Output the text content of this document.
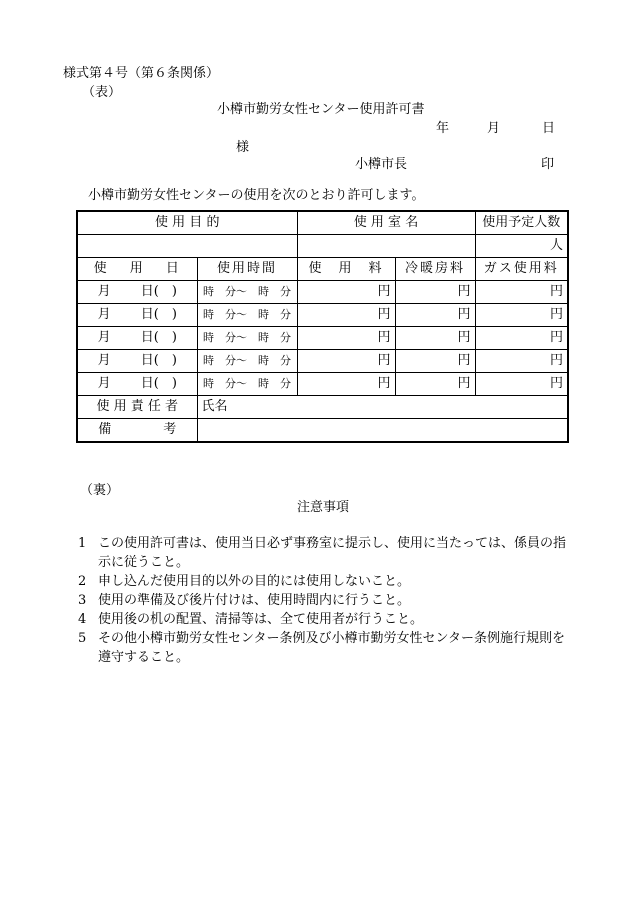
様式第４号（第６条関係）
（表）
小樽市勤労女性センター使用許可書
年	月	日
様
小樽市長	印
小樽市勤労女性センターの使用を次のとおり許可します。
使 用 目 的		使 用 室 名		使用予定人数
				人
使　 用　 日	使用時間	使　用　料	冷暖房料	ガス使用料
月　　 日(　)	時　分～　時　分	円	円	円
月　　 日(　)	時　分～　時　分	円	円	円
月　　 日(　)	時　分～　時　分	円	円	円
月　　 日(　)	時　分～　時　分	円	円	円
月　　 日(　)	時　分～　時　分	円	円	円
使 用 責 任 者	氏名			
備　　　　考				
（裏）
注意事項
1 この使用許可書は、使用当日必ず事務室に提示し、使用に当たっては、係員の指示に従うこと。
2 申し込んだ使用目的以外の目的には使用しないこと。
3 使用の準備及び後片付けは、使用時間内に行うこと。
4 使用後の机の配置、清掃等は、全て使用者が行うこと。
5 その他小樽市勤労女性センター条例及び小樽市勤労女性センター条例施行規則を遵守すること。
